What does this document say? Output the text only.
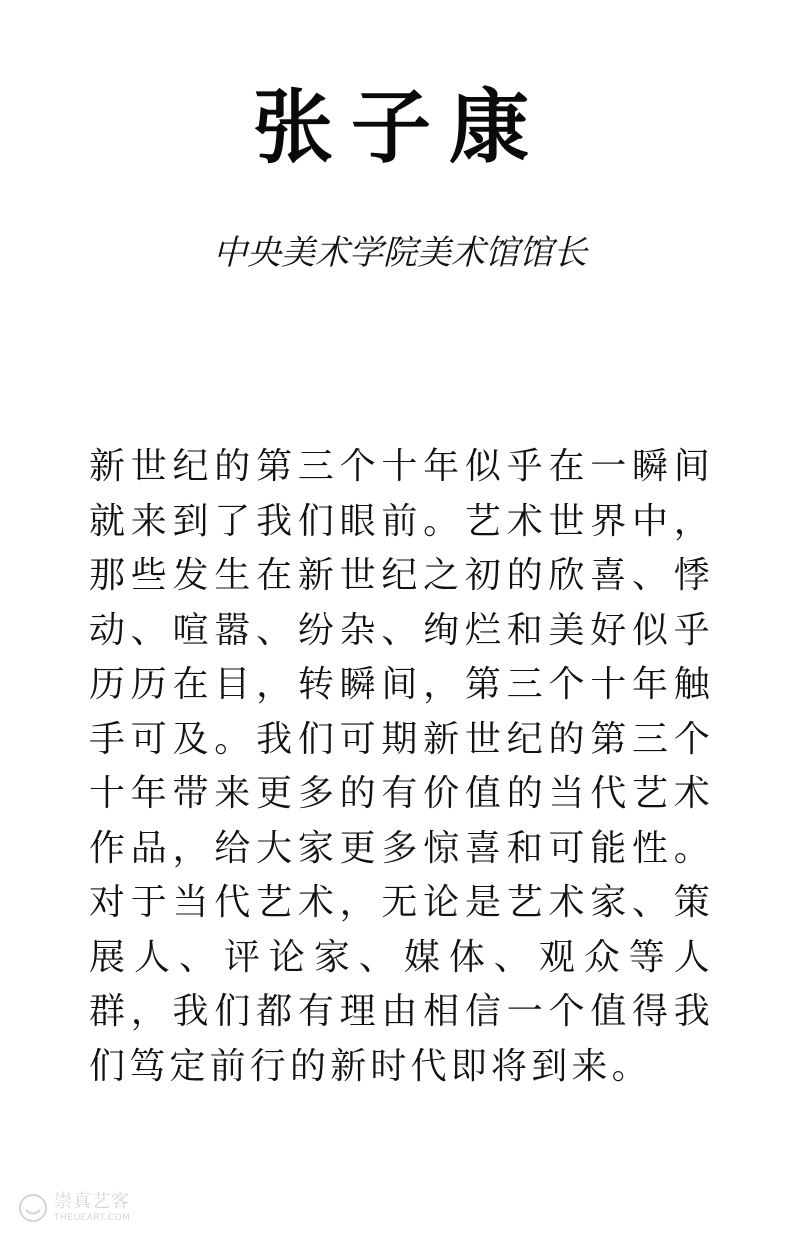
张子康
中央美术学院美术馆馆长
新世纪的第三个十年似乎在一瞬间就来到了我们眼前。艺术世界中，那些发生在新世纪之初的欣喜、悸动、喧嚣、纷杂、绚烂和美好似乎历历在目，转瞬间，第三个十年触手可及。我们可期新世纪的第三个十年带来更多的有价值的当代艺术作品，给大家更多惊喜和可能性。对于当代艺术，无论是艺术家、策展人、评论家、媒体、观众等人群，我们都有理由相信一个值得我们笃定前行的新时代即将到来。
崇真艺客
THEUEART.COM
